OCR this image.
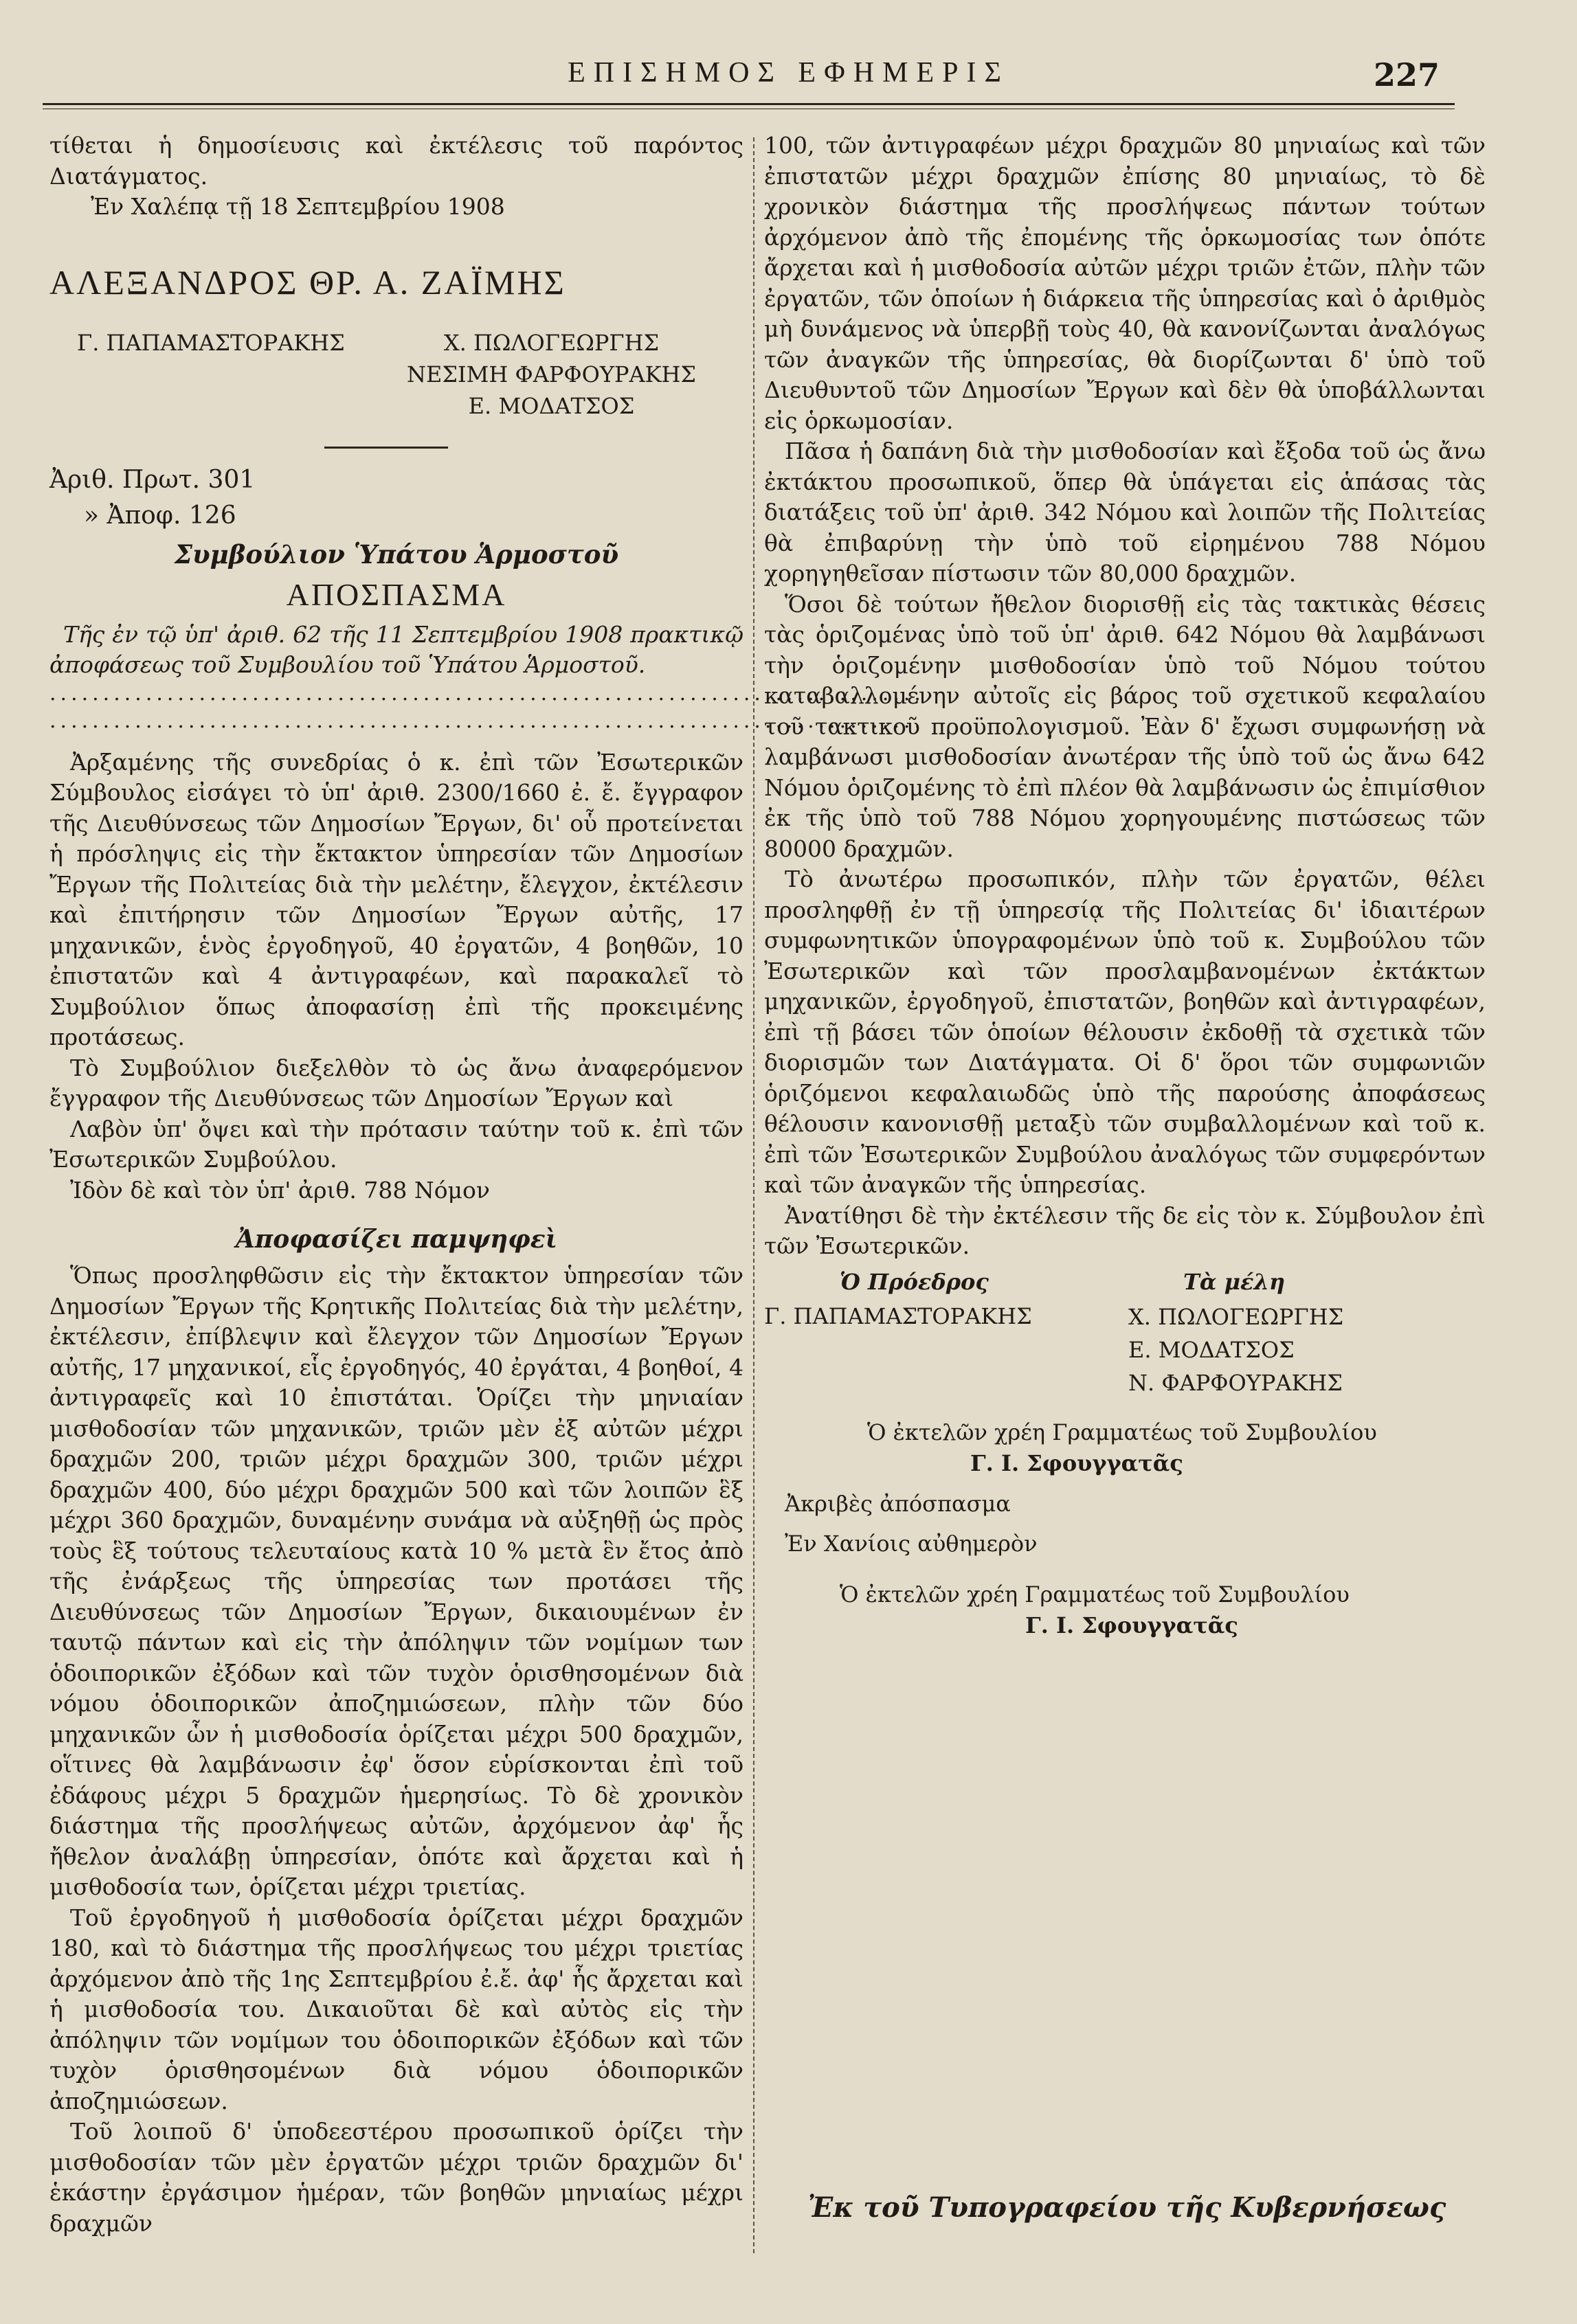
ΕΠΙΣΗΜΟΣ ΕΦΗΜΕΡΙΣ	227

τίθεται ἡ δημοσίευσις καὶ ἐκτέλεσις τοῦ παρόντος Διατάγματος.

Ἐν Χαλέπᾳ τῇ 18 Σεπτεμβρίου 1908

ΑΛΕΞΑΝΔΡΟΣ ΘΡ. Α. ΖΑΪΜΗΣ
Γ. ΠΑΠΑΜΑΣΤΟΡΑΚΗΣ	Χ. ΠΩΛΟΓΕΩΡΓΗΣ
ΝΕΣΙΜΗ ΦΑΡΦΟΥΡΑΚΗΣ
Ε. ΜΟΔΑΤΣΟΣ
Ἀριθ. Πρωτ. 301
» Ἀποφ. 126
Συμβούλιον Ὑπάτου Ἁρμοστοῦ
ΑΠΟΣΠΑΣΜΑ

Τῆς ἐν τῷ ὑπ' ἀριθ. 62 τῆς 11 Σεπτεμβρίου 1908 πρακτικῷ ἀποφάσεως τοῦ Συμβουλίου τοῦ Ὑπάτου Ἁρμοστοῦ.

..................................................................................
..................................................................................

Ἀρξαμένης τῆς συνεδρίας ὁ κ. ἐπὶ τῶν Ἐσωτερικῶν Σύμβουλος εἰσάγει τὸ ὑπ' ἀριθ. 2300/1660 ἐ. ἔ. ἔγγραφον τῆς Διευθύνσεως τῶν Δημοσίων Ἔργων, δι' οὗ προτείνεται ἡ πρόσληψις εἰς τὴν ἔκτακτον ὑπηρεσίαν τῶν Δημοσίων Ἔργων τῆς Πολιτείας διὰ τὴν μελέτην, ἔλεγχον, ἐκτέλεσιν καὶ ἐπιτήρησιν τῶν Δημοσίων Ἔργων αὐτῆς, 17 μηχανικῶν, ἑνὸς ἐργοδηγοῦ, 40 ἐργατῶν, 4 βοηθῶν, 10 ἐπιστατῶν καὶ 4 ἀντιγραφέων, καὶ παρακαλεῖ τὸ Συμβούλιον ὅπως ἀποφασίσῃ ἐπὶ τῆς προκειμένης προτάσεως.

Τὸ Συμβούλιον διεξελθὸν τὸ ὡς ἄνω ἀναφερόμενον ἔγγραφον τῆς Διευθύνσεως τῶν Δημοσίων Ἔργων καὶ

Λαβὸν ὑπ' ὄψει καὶ τὴν πρότασιν ταύτην τοῦ κ. ἐπὶ τῶν Ἐσωτερικῶν Συμβούλου.

Ἰδὸν δὲ καὶ τὸν ὑπ' ἀριθ. 788 Νόμον

Ἀποφασίζει παμψηφεὶ

Ὅπως προσληφθῶσιν εἰς τὴν ἔκτακτον ὑπηρεσίαν τῶν Δημοσίων Ἔργων τῆς Κρητικῆς Πολιτείας διὰ τὴν μελέτην, ἐκτέλεσιν, ἐπίβλεψιν καὶ ἔλεγχον τῶν Δημοσίων Ἔργων αὐτῆς, 17 μηχανικοί, εἷς ἐργοδηγός, 40 ἐργάται, 4 βοηθοί, 4 ἀντιγραφεῖς καὶ 10 ἐπιστάται. Ὁρίζει τὴν μηνιαίαν μισθοδοσίαν τῶν μηχανικῶν, τριῶν μὲν ἐξ αὐτῶν μέχρι δραχμῶν 200, τριῶν μέχρι δραχμῶν 300, τριῶν μέχρι δραχμῶν 400, δύο μέχρι δραχμῶν 500 καὶ τῶν λοιπῶν ἓξ μέχρι 360 δραχμῶν, δυναμένην συνάμα νὰ αὐξηθῇ ὡς πρὸς τοὺς ἓξ τούτους τελευταίους κατὰ 10 % μετὰ ἓν ἔτος ἀπὸ τῆς ἐνάρξεως τῆς ὑπηρεσίας των προτάσει τῆς Διευθύνσεως τῶν Δημοσίων Ἔργων, δικαιουμένων ἐν ταυτῷ πάντων καὶ εἰς τὴν ἀπόληψιν τῶν νομίμων των ὁδοιπορικῶν ἐξόδων καὶ τῶν τυχὸν ὁρισθησομένων διὰ νόμου ὁδοιπορικῶν ἀποζημιώσεων, πλὴν τῶν δύο μηχανικῶν ὧν ἡ μισθοδοσία ὁρίζεται μέχρι 500 δραχμῶν, οἵτινες θὰ λαμβάνωσιν ἐφ' ὅσον εὑρίσκονται ἐπὶ τοῦ ἐδάφους μέχρι 5 δραχμῶν ἡμερησίως. Τὸ δὲ χρονικὸν διάστημα τῆς προσλήψεως αὐτῶν, ἀρχόμενον ἀφ' ἧς ἤθελον ἀναλάβῃ ὑπηρεσίαν, ὁπότε καὶ ἄρχεται καὶ ἡ μισθοδοσία των, ὁρίζεται μέχρι τριετίας.

Τοῦ ἐργοδηγοῦ ἡ μισθοδοσία ὁρίζεται μέχρι δραχμῶν 180, καὶ τὸ διάστημα τῆς προσλήψεως του μέχρι τριετίας ἀρχόμενον ἀπὸ τῆς 1ης Σεπτεμβρίου ἐ.ἔ. ἀφ' ἧς ἄρχεται καὶ ἡ μισθοδοσία του. Δικαιοῦται δὲ καὶ αὐτὸς εἰς τὴν ἀπόληψιν τῶν νομίμων του ὁδοιπορικῶν ἐξόδων καὶ τῶν τυχὸν ὁρισθησομένων διὰ νόμου ὁδοιπορικῶν ἀποζημιώσεων.

Τοῦ λοιποῦ δ' ὑποδεεστέρου προσωπικοῦ ὁρίζει τὴν μισθοδοσίαν τῶν μὲν ἐργατῶν μέχρι τριῶν δραχμῶν δι' ἑκάστην ἐργάσιμον ἡμέραν, τῶν βοηθῶν μηνιαίως μέχρι δραχμῶν

100, τῶν ἀντιγραφέων μέχρι δραχμῶν 80 μηνιαίως καὶ τῶν ἐπιστατῶν μέχρι δραχμῶν ἐπίσης 80 μηνιαίως, τὸ δὲ χρονικὸν διάστημα τῆς προσλήψεως πάντων τούτων ἀρχόμενον ἀπὸ τῆς ἐπομένης τῆς ὁρκωμοσίας των ὁπότε ἄρχεται καὶ ἡ μισθοδοσία αὐτῶν μέχρι τριῶν ἐτῶν, πλὴν τῶν ἐργατῶν, τῶν ὁποίων ἡ διάρκεια τῆς ὑπηρεσίας καὶ ὁ ἀριθμὸς μὴ δυνάμενος νὰ ὑπερβῇ τοὺς 40, θὰ κανονίζωνται ἀναλόγως τῶν ἀναγκῶν τῆς ὑπηρεσίας, θὰ διορίζωνται δ' ὑπὸ τοῦ Διευθυντοῦ τῶν Δημοσίων Ἔργων καὶ δὲν θὰ ὑποβάλλωνται εἰς ὁρκωμοσίαν.

Πᾶσα ἡ δαπάνη διὰ τὴν μισθοδοσίαν καὶ ἔξοδα τοῦ ὡς ἄνω ἐκτάκτου προσωπικοῦ, ὅπερ θὰ ὑπάγεται εἰς ἁπάσας τὰς διατάξεις τοῦ ὑπ' ἀριθ. 342 Νόμου καὶ λοιπῶν τῆς Πολιτείας θὰ ἐπιβαρύνῃ τὴν ὑπὸ τοῦ εἰρημένου 788 Νόμου χορηγηθεῖσαν πίστωσιν τῶν 80,000 δραχμῶν.

Ὅσοι δὲ τούτων ἤθελον διορισθῇ εἰς τὰς τακτικὰς θέσεις τὰς ὁριζομένας ὑπὸ τοῦ ὑπ' ἀριθ. 642 Νόμου θὰ λαμβάνωσι τὴν ὁριζομένην μισθοδοσίαν ὑπὸ τοῦ Νόμου τούτου καταβαλλομένην αὐτοῖς εἰς βάρος τοῦ σχετικοῦ κεφαλαίου τοῦ τακτικοῦ προϋπολογισμοῦ. Ἐὰν δ' ἔχωσι συμφωνήσῃ νὰ λαμβάνωσι μισθοδοσίαν ἀνωτέραν τῆς ὑπὸ τοῦ ὡς ἄνω 642 Νόμου ὁριζομένης τὸ ἐπὶ πλέον θὰ λαμβάνωσιν ὡς ἐπιμίσθιον ἐκ τῆς ὑπὸ τοῦ 788 Νόμου χορηγουμένης πιστώσεως τῶν 80000 δραχμῶν.

Τὸ ἀνωτέρω προσωπικόν, πλὴν τῶν ἐργατῶν, θέλει προσληφθῇ ἐν τῇ ὑπηρεσίᾳ τῆς Πολιτείας δι' ἰδιαιτέρων συμφωνητικῶν ὑπογραφομένων ὑπὸ τοῦ κ. Συμβούλου τῶν Ἐσωτερικῶν καὶ τῶν προσλαμβανομένων ἐκτάκτων μηχανικῶν, ἐργοδηγοῦ, ἐπιστατῶν, βοηθῶν καὶ ἀντιγραφέων, ἐπὶ τῇ βάσει τῶν ὁποίων θέλουσιν ἐκδοθῇ τὰ σχετικὰ τῶν διορισμῶν των Διατάγματα. Οἱ δ' ὅροι τῶν συμφωνιῶν ὁριζόμενοι κεφαλαιωδῶς ὑπὸ τῆς παρούσης ἀποφάσεως θέλουσιν κανονισθῇ μεταξὺ τῶν συμβαλλομένων καὶ τοῦ κ. ἐπὶ τῶν Ἐσωτερικῶν Συμβούλου ἀναλόγως τῶν συμφερόντων καὶ τῶν ἀναγκῶν τῆς ὑπηρεσίας.

Ἀνατίθησι δὲ τὴν ἐκτέλεσιν τῆς δε εἰς τὸν κ. Σύμβουλον ἐπὶ τῶν Ἐσωτερικῶν.

Ὁ Πρόεδρος
Γ. ΠΑΠΑΜΑΣΤΟΡΑΚΗΣ
Τὰ μέλη
Χ. ΠΩΛΟΓΕΩΡΓΗΣ
Ε. ΜΟΔΑΤΣΟΣ
Ν. ΦΑΡΦΟΥΡΑΚΗΣ
Ὁ ἐκτελῶν χρέη Γραμματέως τοῦ Συμβουλίου
Γ. Ι. Σφουγγατᾶς
Ἀκριβὲς ἀπόσπασμα
Ἐν Χανίοις αὐθημερὸν
Ὁ ἐκτελῶν χρέη Γραμματέως τοῦ Συμβουλίου
Γ. Ι. Σφουγγατᾶς
Ἐκ τοῦ Τυπογραφείου τῆς Κυβερνήσεως
